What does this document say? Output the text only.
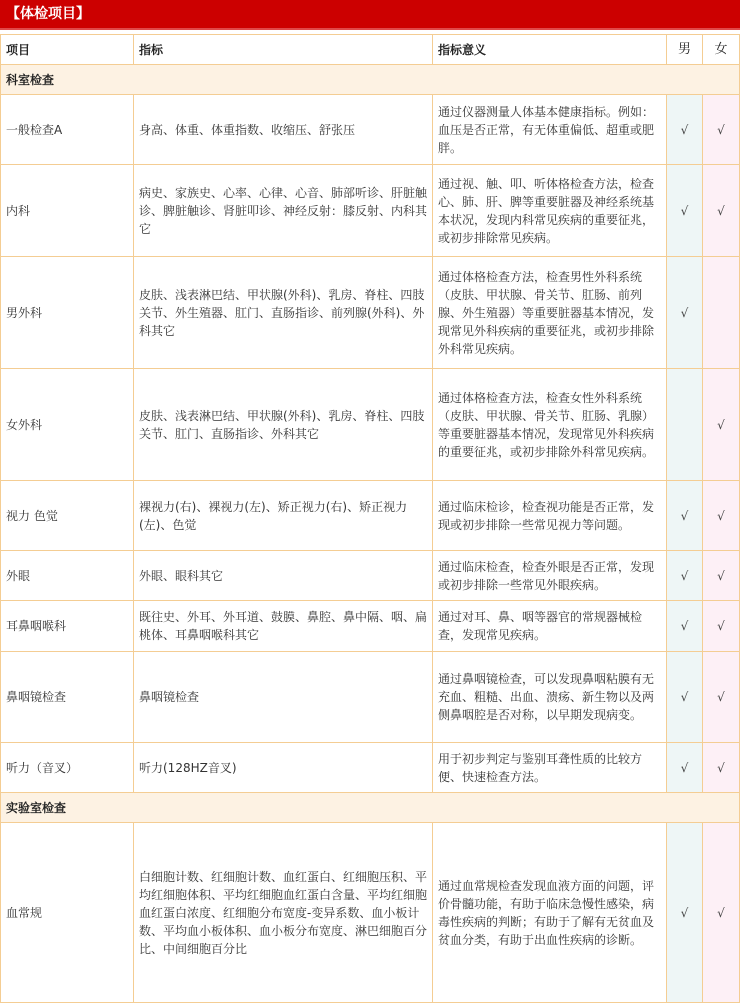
【体检项目】
项目	指标	指标意义	男	女
科室检查				
一般检查A	身高、体重、体重指数、收缩压、舒张压	通过仪器测量人体基本健康指标。例如：血压是否正常，有无体重偏低、超重或肥胖。	√	√
内科	病史、家族史、心率、心律、心音、肺部听诊、肝脏触诊、脾脏触诊、肾脏叩诊、神经反射：膝反射、内科其它	通过视、触、叩、听体格检查方法，检查心、肺、肝、脾等重要脏器及神经系统基本状况，发现内科常见疾病的重要征兆，或初步排除常见疾病。	√	√
男外科	皮肤、浅表淋巴结、甲状腺(外科)、乳房、脊柱、四肢关节、外生殖器、肛门、直肠指诊、前列腺(外科)、外科其它	通过体格检查方法，检查男性外科系统（皮肤、甲状腺、骨关节、肛肠、前列腺、外生殖器）等重要脏器基本情况，发现常见外科疾病的重要征兆，或初步排除外科常见疾病。	√	
女外科	皮肤、浅表淋巴结、甲状腺(外科)、乳房、脊柱、四肢关节、肛门、直肠指诊、外科其它	通过体格检查方法，检查女性外科系统（皮肤、甲状腺、骨关节、肛肠、乳腺）等重要脏器基本情况，发现常见外科疾病的重要征兆，或初步排除外科常见疾病。		√
视力 色觉	裸视力(右)、裸视力(左)、矫正视力(右)、矫正视力(左)、色觉	通过临床检诊，检查视功能是否正常，发现或初步排除一些常见视力等问题。	√	√
外眼	外眼、眼科其它	通过临床检查，检查外眼是否正常，发现或初步排除一些常见外眼疾病。	√	√
耳鼻咽喉科	既往史、外耳、外耳道、鼓膜、鼻腔、鼻中隔、咽、扁桃体、耳鼻咽喉科其它	通过对耳、鼻、咽等器官的常规器械检查，发现常见疾病。	√	√
鼻咽镜检查	鼻咽镜检查	通过鼻咽镜检查，可以发现鼻咽粘膜有无充血、粗糙、出血、溃疡、新生物以及两侧鼻咽腔是否对称，以早期发现病变。	√	√
听力（音叉）	听力(128HZ音叉)	用于初步判定与鉴别耳聋性质的比较方便、快速检查方法。	√	√
实验室检查				
血常规	白细胞计数、红细胞计数、血红蛋白、红细胞压积、平均红细胞体积、平均红细胞血红蛋白含量、平均红细胞血红蛋白浓度、红细胞分布宽度-变异系数、血小板计数、平均血小板体积、血小板分布宽度、淋巴细胞百分比、中间细胞百分比	通过血常规检查发现血液方面的问题，评价骨髓功能，有助于临床急慢性感染，病毒性疾病的判断；有助于了解有无贫血及贫血分类，有助于出血性疾病的诊断。	√	√
